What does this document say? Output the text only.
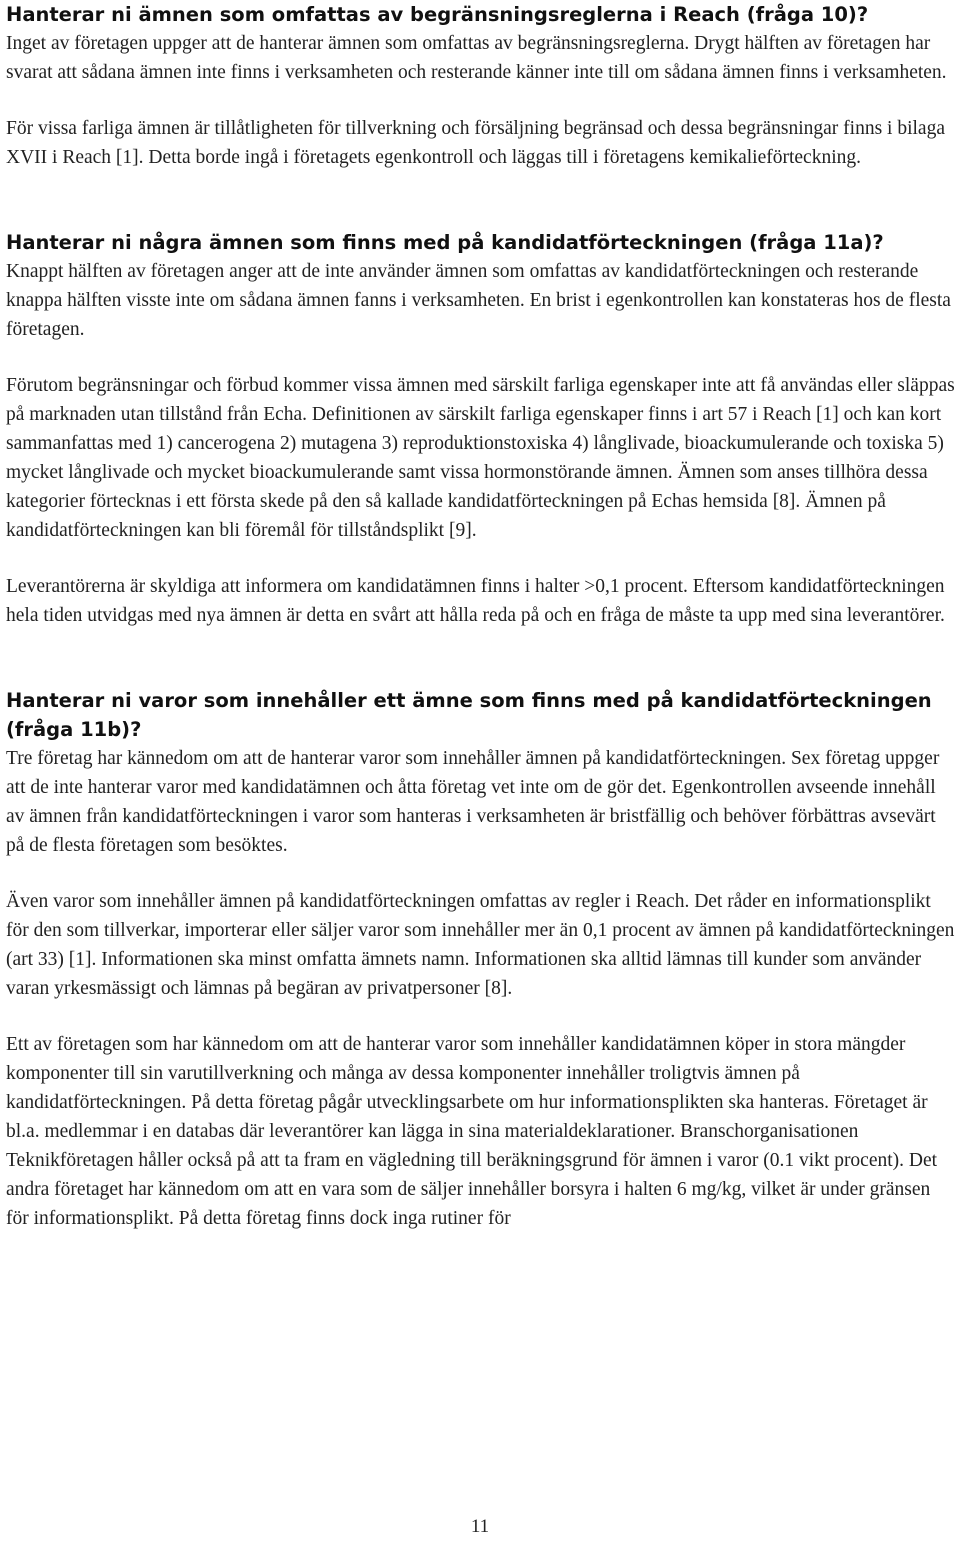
Hanterar ni ämnen som omfattas av begränsningsreglerna i Reach (fråga 10)?

Inget av företagen uppger att de hanterar ämnen som omfattas av begränsningsreglerna. Drygt hälften av företagen har svarat att sådana ämnen inte finns i verksamheten och resterande känner inte till om sådana ämnen finns i verksamheten.

För vissa farliga ämnen är tillåtligheten för tillverkning och försäljning begränsad och dessa begränsningar finns i bilaga XVII i Reach [1]. Detta borde ingå i företagets egenkontroll och läggas till i företagens kemikalieförteckning.

Hanterar ni några ämnen som finns med på kandidatförteckningen (fråga 11a)?

Knappt hälften av företagen anger att de inte använder ämnen som omfattas av kandidatförteckningen och resterande knappa hälften visste inte om sådana ämnen fanns i verksamheten. En brist i egenkontrollen kan konstateras hos de flesta företagen.

Förutom begränsningar och förbud kommer vissa ämnen med särskilt farliga egenskaper inte att få användas eller släppas på marknaden utan tillstånd från Echa. Definitionen av särskilt farliga egenskaper finns i art 57 i Reach [1] och kan kort sammanfattas med 1) cancerogena 2) mutagena 3) reproduktionstoxiska 4) långlivade, bioackumulerande och toxiska 5) mycket långlivade och mycket bioackumulerande samt vissa hormonstörande ämnen. Ämnen som anses tillhöra dessa kategorier förtecknas i ett första skede på den så kallade kandidatförteckningen på Echas hemsida [8]. Ämnen på kandidatförteckningen kan bli föremål för tillståndsplikt [9].

Leverantörerna är skyldiga att informera om kandidatämnen finns i halter >0,1 procent. Eftersom kandidatförteckningen hela tiden utvidgas med nya ämnen är detta en svårt att hålla reda på och en fråga de måste ta upp med sina leverantörer.

Hanterar ni varor som innehåller ett ämne som finns med på kandidatförteckningen (fråga 11b)?

Tre företag har kännedom om att de hanterar varor som innehåller ämnen på kandidatförteckningen. Sex företag uppger att de inte hanterar varor med kandidatämnen och åtta företag vet inte om de gör det. Egenkontrollen avseende innehåll av ämnen från kandidatförteckningen i varor som hanteras i verksamheten är bristfällig och behöver förbättras avsevärt på de flesta företagen som besöktes.

Även varor som innehåller ämnen på kandidatförteckningen omfattas av regler i Reach. Det råder en informationsplikt för den som tillverkar, importerar eller säljer varor som innehåller mer än 0,1 procent av ämnen på kandidatförteckningen (art 33) [1]. Informationen ska minst omfatta ämnets namn. Informationen ska alltid lämnas till kunder som använder varan yrkesmässigt och lämnas på begäran av privatpersoner [8].

Ett av företagen som har kännedom om att de hanterar varor som innehåller kandidatämnen köper in stora mängder komponenter till sin varutillverkning och många av dessa komponenter innehåller troligtvis ämnen på kandidatförteckningen. På detta företag pågår utvecklingsarbete om hur informationsplikten ska hanteras. Företaget är bl.a. medlemmar i en databas där leverantörer kan lägga in sina materialdeklarationer. Branschorganisationen Teknikföretagen håller också på att ta fram en vägledning till beräkningsgrund för ämnen i varor (0.1 vikt procent). Det andra företaget har kännedom om att en vara som de säljer innehåller borsyra i halten 6 mg/kg, vilket är under gränsen för informationsplikt. På detta företag finns dock inga rutiner för

11
